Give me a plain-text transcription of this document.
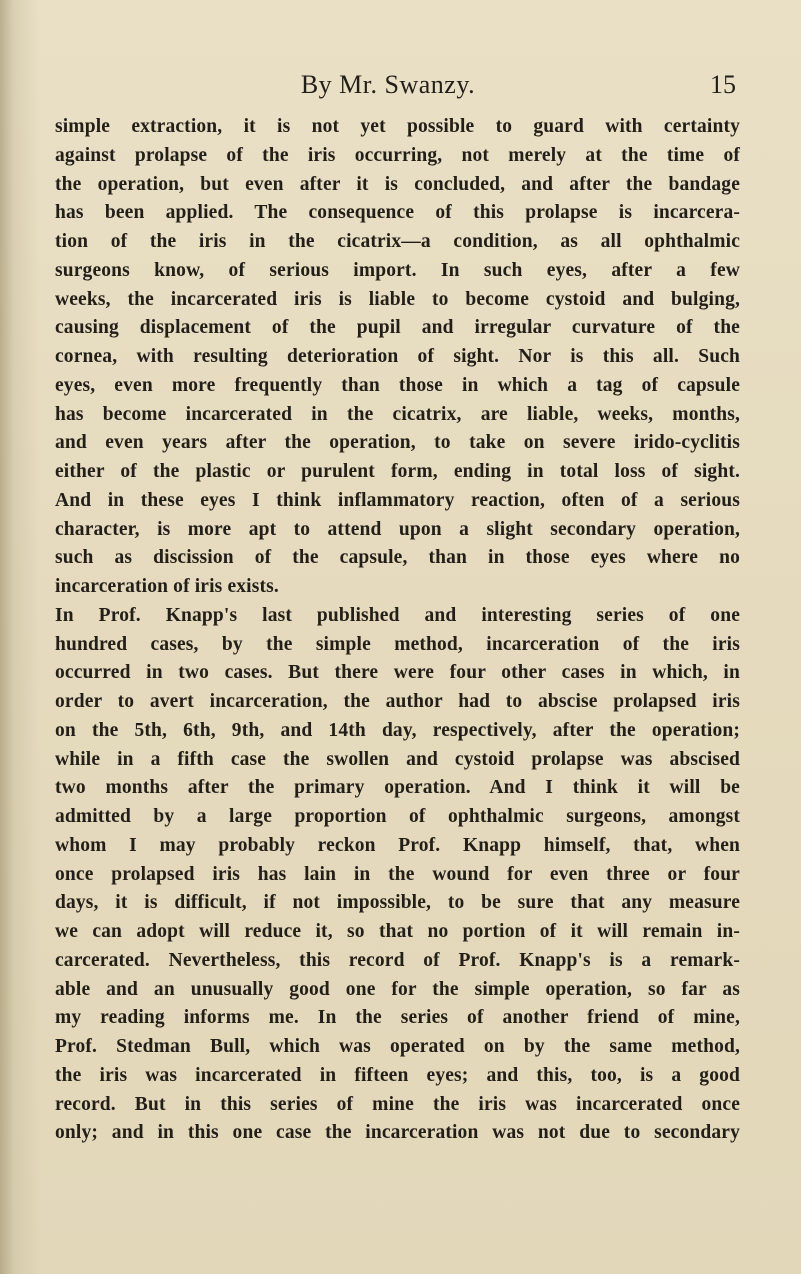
By Mr. Swanzy.	15
simple extraction, it is not yet possible to guard with certainty
against prolapse of the iris occurring, not merely at the time of
the operation, but even after it is concluded, and after the bandage
has been applied. The consequence of this prolapse is incarcera-
tion of the iris in the cicatrix—a condition, as all ophthalmic
surgeons know, of serious import. In such eyes, after a few
weeks, the incarcerated iris is liable to become cystoid and bulging,
causing displacement of the pupil and irregular curvature of the
cornea, with resulting deterioration of sight. Nor is this all. Such
eyes, even more frequently than those in which a tag of capsule
has become incarcerated in the cicatrix, are liable, weeks, months,
and even years after the operation, to take on severe irido-cyclitis
either of the plastic or purulent form, ending in total loss of sight.
And in these eyes I think inflammatory reaction, often of a serious
character, is more apt to attend upon a slight secondary operation,
such as discission of the capsule, than in those eyes where no
incarceration of iris exists.
In Prof. Knapp's last published and interesting series of one
hundred cases, by the simple method, incarceration of the iris
occurred in two cases. But there were four other cases in which, in
order to avert incarceration, the author had to abscise prolapsed iris
on the 5th, 6th, 9th, and 14th day, respectively, after the operation;
while in a fifth case the swollen and cystoid prolapse was abscised
two months after the primary operation. And I think it will be
admitted by a large proportion of ophthalmic surgeons, amongst
whom I may probably reckon Prof. Knapp himself, that, when
once prolapsed iris has lain in the wound for even three or four
days, it is difficult, if not impossible, to be sure that any measure
we can adopt will reduce it, so that no portion of it will remain in-
carcerated. Nevertheless, this record of Prof. Knapp's is a remark-
able and an unusually good one for the simple operation, so far as
my reading informs me. In the series of another friend of mine,
Prof. Stedman Bull, which was operated on by the same method,
the iris was incarcerated in fifteen eyes; and this, too, is a good
record. But in this series of mine the iris was incarcerated once
only; and in this one case the incarceration was not due to secondary
